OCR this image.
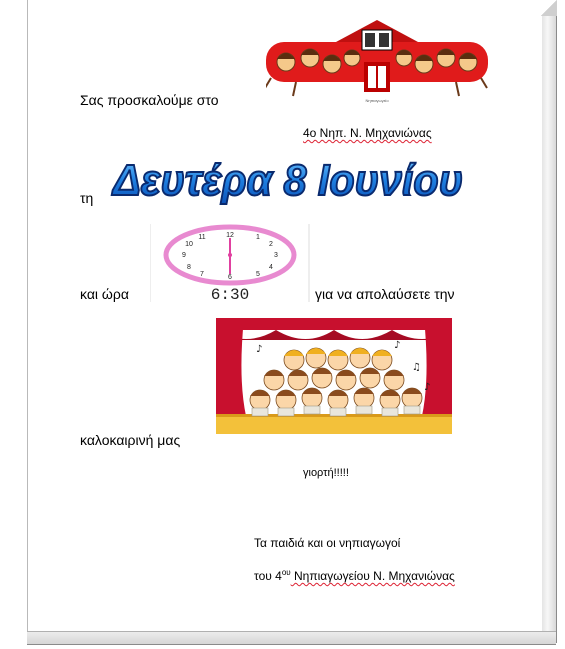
Νηπιαγωγείο
Σας προσκαλούμε στο
4ο Νηπ. Ν. Μηχανιώνας
τη Δευτέρα 8 Ιουνίου
και ώρα
12	1
2
3
4
5
6
7
8
9
10
11
6:30	για να απολαύσετε την
♪
♫
♪
♪
καλοκαιρινή μας
γιορτή!!!!!
Τα παιδιά και οι νηπιαγωγοί
του $4^{o\upsilon}$ Νηπιαγωγείου Ν. Μηχανιώνας
